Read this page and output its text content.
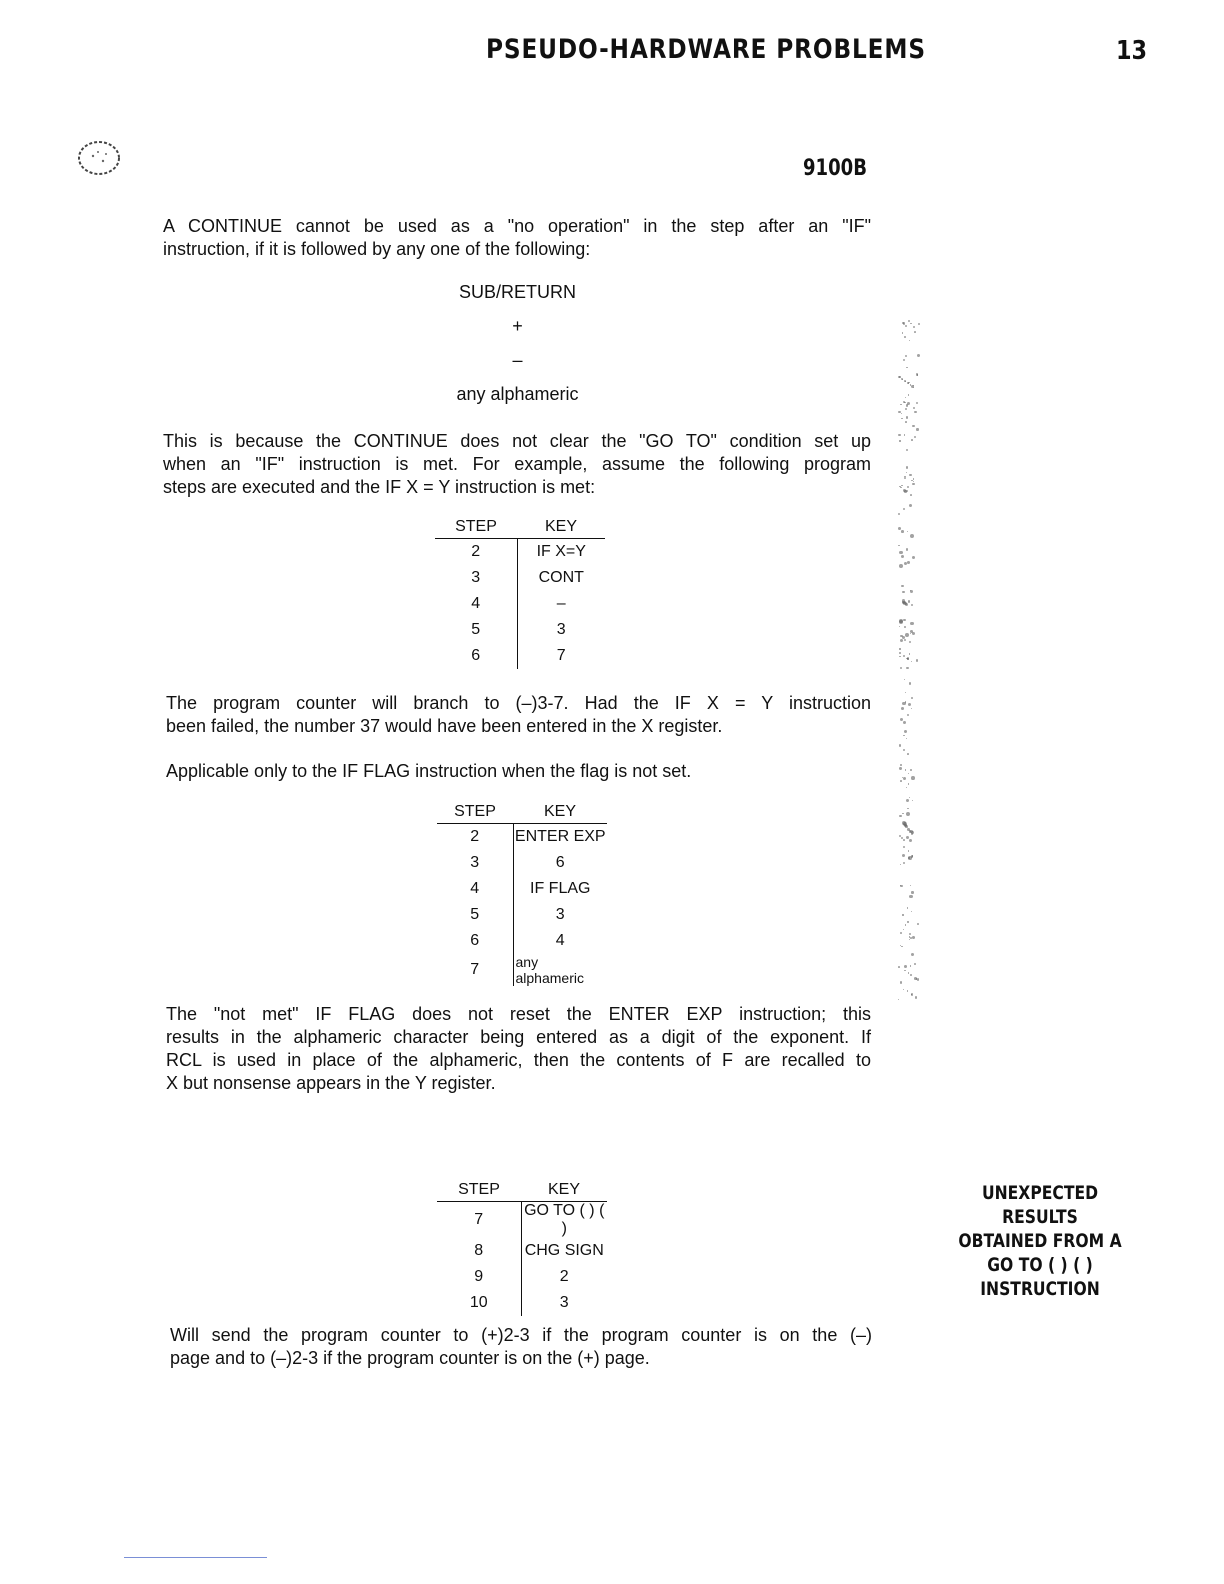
PSEUDO-HARDWARE PROBLEMS	13
9100B
A CONTINUE cannot be used as a "no operation" in the step after an "IF"
instruction, if it is followed by any one of the following:
SUB/RETURN
+
–
any alphameric
This is because the CONTINUE does not clear the "GO TO" condition set up
when an "IF" instruction is met. For example, assume the following program
steps are executed and the IF X = Y instruction is met:
STEP	KEY
2	IF X=Y
3	CONT
4	–
5	3
6	7
The program counter will branch to (–)3-7. Had the IF X = Y instruction
been failed, the number 37 would have been entered in the X register.
Applicable only to the IF FLAG instruction when the flag is not set.
STEP	KEY
2	ENTER EXP
3	6
4	IF FLAG
5	3
6	4
7	any alphameric
The "not met" IF FLAG does not reset the ENTER EXP instruction; this
results in the alphameric character being entered as a digit of the exponent. If
RCL is used in place of the alphameric, then the contents of F are recalled to
X but nonsense appears in the Y register.
STEP	KEY
7	GO TO ( ) ( )
8	CHG SIGN
9	2
10	3
UNEXPECTED RESULTS
OBTAINED FROM A
GO TO ( ) ( )
INSTRUCTION
Will send the program counter to (+)2-3 if the program counter is on the (–)
page and to (–)2-3 if the program counter is on the (+) page.
